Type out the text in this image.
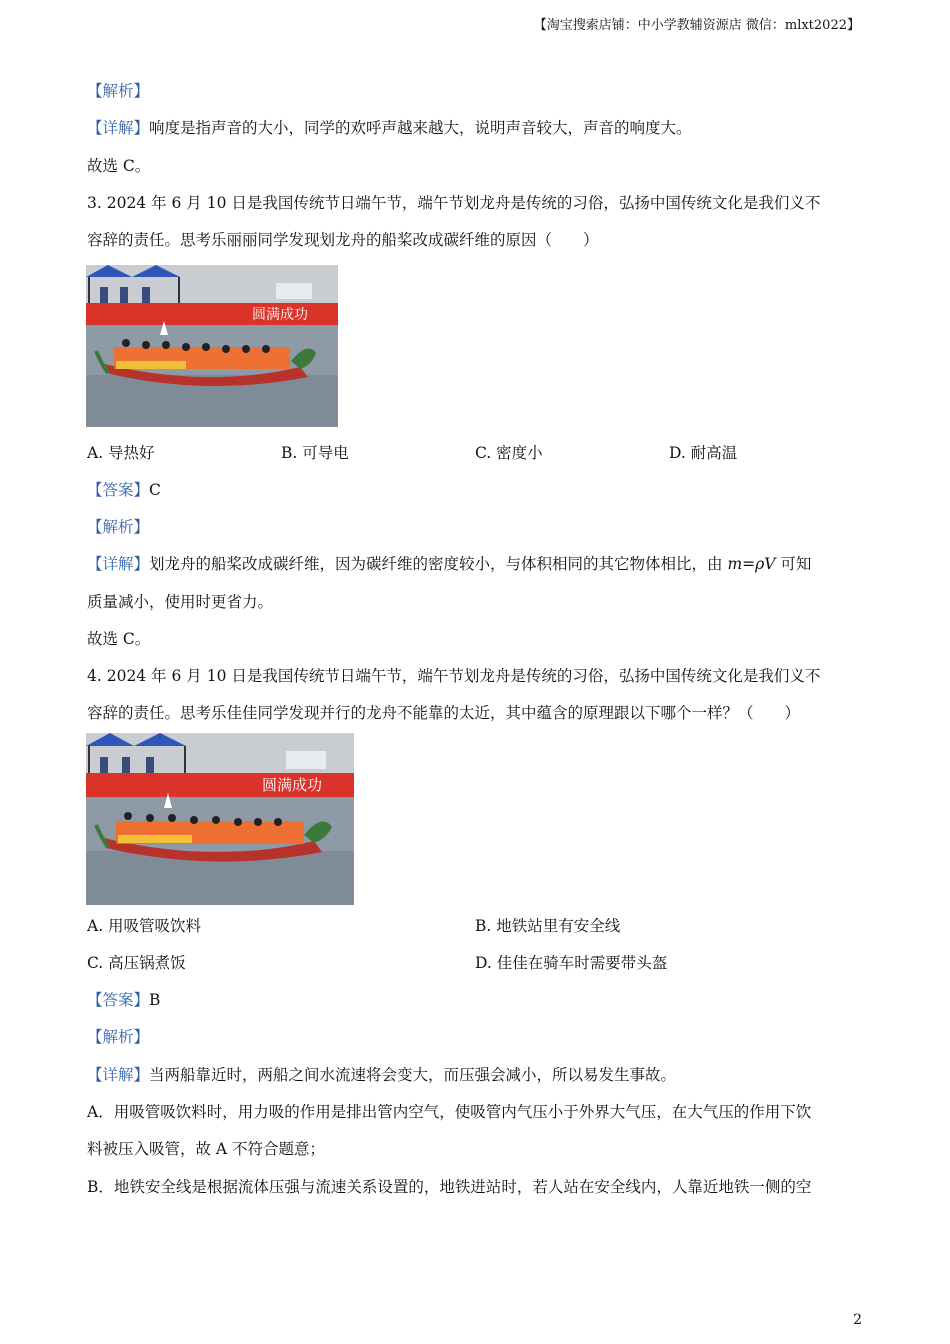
【淘宝搜索店铺：中小学教辅资源店 微信：mlxt2022】
【解析】
【详解】响度是指声音的大小，同学的欢呼声越来越大，说明声音较大，声音的响度大。
故选 C。
3. 2024 年 6 月 10 日是我国传统节日端午节，端午节划龙舟是传统的习俗，弘扬中国传统文化是我们义不
容辞的责任。思考乐丽丽同学发现划龙舟的船桨改成碳纤维的原因（　　）
圆满成功
A. 导热好	B. 可导电	C. 密度小	D. 耐高温
【答案】C
【解析】
【详解】划龙舟的船桨改成碳纤维，因为碳纤维的密度较小，与体积相同的其它物体相比，由 m=ρV 可知
质量减小，使用时更省力。
故选 C。
4. 2024 年 6 月 10 日是我国传统节日端午节，端午节划龙舟是传统的习俗，弘扬中国传统文化是我们义不
容辞的责任。思考乐佳佳同学发现并行的龙舟不能靠的太近，其中蕴含的原理跟以下哪个一样？（　　）
圆满成功
A. 用吸管吸饮料	B. 地铁站里有安全线
C. 高压锅煮饭	D. 佳佳在骑车时需要带头盔
【答案】B
【解析】
【详解】当两船靠近时，两船之间水流速将会变大，而压强会减小，所以易发生事故。
A．用吸管吸饮料时，用力吸的作用是排出管内空气，使吸管内气压小于外界大气压，在大气压的作用下饮
料被压入吸管，故 A 不符合题意；
B．地铁安全线是根据流体压强与流速关系设置的，地铁进站时，若人站在安全线内，人靠近地铁一侧的空
2
